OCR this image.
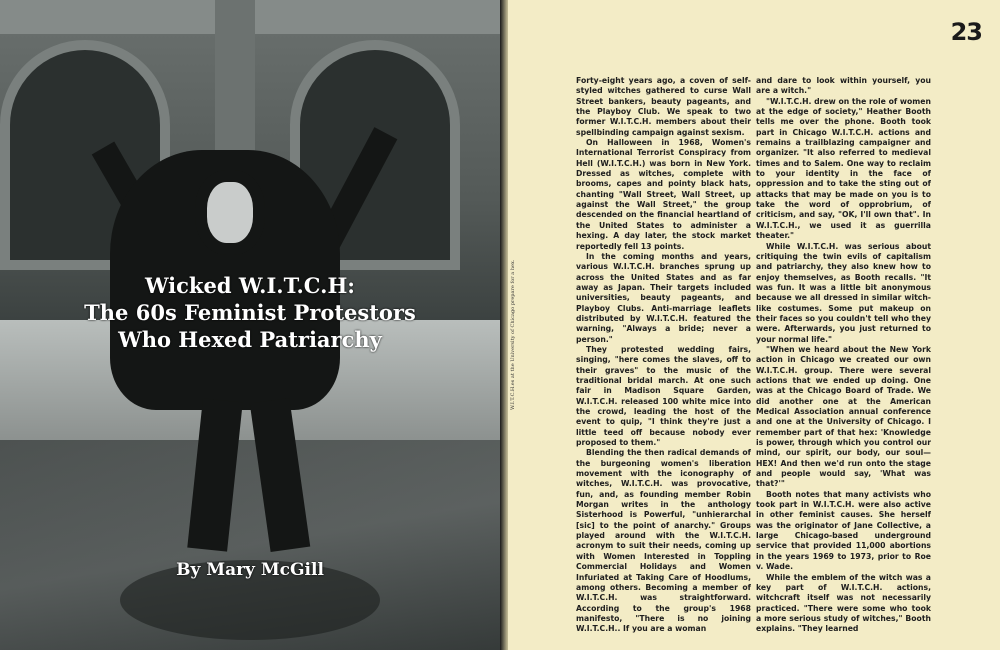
Wicked W.I.T.C.H:
The 60s Feminist Protestors
Who Hexed Patriarchy
By Mary McGill
23
W.I.T.C.H.es at the University of Chicago prepare for a hex.

Forty-eight years ago, a coven of self-styled witches gathered to curse Wall Street bankers, beauty pageants, and the Playboy Club. We speak to two former W.I.T.C.H. members about their spellbinding campaign against sexism.

On Halloween in 1968, Women's International Terrorist Conspiracy from Hell (W.I.T.C.H.) was born in New York. Dressed as witches, complete with brooms, capes and pointy black hats, chanting "Wall Street, Wall Street, up against the Wall Street," the group descended on the financial heartland of the United States to administer a hexing. A day later, the stock market reportedly fell 13 points.

In the coming months and years, various W.I.T.C.H. branches sprung up across the United States and as far away as Japan. Their targets included universities, beauty pageants, and Playboy Clubs. Anti-marriage leaflets distributed by W.I.T.C.H. featured the warning, "Always a bride; never a person."

They protested wedding fairs, singing, "here comes the slaves, off to their graves" to the music of the traditional bridal march. At one such fair in Madison Square Garden, W.I.T.C.H. released 100 white mice into the crowd, leading the host of the event to quip, "I think they're just a little teed off because nobody ever proposed to them."

Blending the then radical demands of the burgeoning women's liberation movement with the iconography of witches, W.I.T.C.H. was provocative, fun, and, as founding member Robin Morgan writes in the anthology Sisterhood is Powerful, "unhierarchal [sic] to the point of anarchy." Groups played around with the W.I.T.C.H. acronym to suit their needs, coming up with Women Interested in Toppling Commercial Holidays and Women Infuriated at Taking Care of Hoodlums, among others. Becoming a member of W.I.T.C.H. was straightforward. According to the group's 1968 manifesto, "There is no joining W.I.T.C.H.. If you are a woman

and dare to look within yourself, you are a witch."

"W.I.T.C.H. drew on the role of women at the edge of society," Heather Booth tells me over the phone. Booth took part in Chicago W.I.T.C.H. actions and remains a trailblazing campaigner and organizer. "It also referred to medieval times and to Salem. One way to reclaim to your identity in the face of oppression and to take the sting out of attacks that may be made on you is to take the word of opprobrium, of criticism, and say, "OK, I'll own that". In W.I.T.C.H., we used it as guerrilla theater."

While W.I.T.C.H. was serious about critiquing the twin evils of capitalism and patriarchy, they also knew how to enjoy themselves, as Booth recalls. "It was fun. It was a little bit anonymous because we all dressed in similar witch-like costumes. Some put makeup on their faces so you couldn't tell who they were. Afterwards, you just returned to your normal life."

"When we heard about the New York action in Chicago we created our own W.I.T.C.H. group. There were several actions that we ended up doing. One was at the Chicago Board of Trade. We did another one at the American Medical Association annual conference and one at the University of Chicago. I remember part of that hex: 'Knowledge is power, through which you control our mind, our spirit, our body, our soul—HEX! And then we'd run onto the stage and people would say, 'What was that?'"

Booth notes that many activists who took part in W.I.T.C.H. were also active in other feminist causes. She herself was the originator of Jane Collective, a large Chicago-based underground service that provided 11,000 abortions in the years 1969 to 1973, prior to Roe v. Wade.

While the emblem of the witch was a key part of W.I.T.C.H. actions, witchcraft itself was not necessarily practiced. "There were some who took a more serious study of witches," Booth explains. "They learned
